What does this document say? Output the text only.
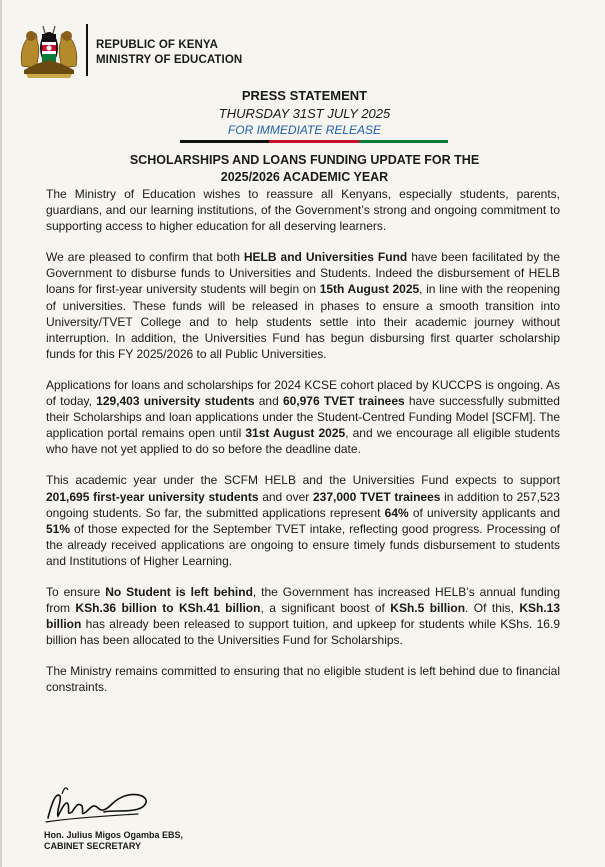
REPUBLIC OF KENYA
MINISTRY OF EDUCATION
PRESS STATEMENT
THURSDAY 31ST JULY 2025
FOR IMMEDIATE RELEASE
SCHOLARSHIPS AND LOANS FUNDING UPDATE FOR THE
2025/2026 ACADEMIC YEAR

The Ministry of Education wishes to reassure all Kenyans, especially students, parents, guardians, and our learning institutions, of the Government’s strong and ongoing commitment to supporting access to higher education for all deserving learners.

We are pleased to confirm that both HELB and Universities Fund have been facilitated by the Government to disburse funds to Universities and Students. Indeed the disbursement of HELB loans for first-year university students will begin on 15th August 2025, in line with the reopening of universities. These funds will be released in phases to ensure a smooth transition into University/TVET College and to help students settle into their academic journey without interruption. In addition, the Universities Fund has begun disbursing first quarter scholarship funds for this FY 2025/2026 to all Public Universities.

Applications for loans and scholarships for 2024 KCSE cohort placed by KUCCPS is ongoing. As of today, 129,403 university students and 60,976 TVET trainees have successfully submitted their Scholarships and loan applications under the Student-Centred Funding Model [SCFM]. The application portal remains open until 31st August 2025, and we encourage all eligible students who have not yet applied to do so before the deadline date.

This academic year under the SCFM HELB and the Universities Fund expects to support 201,695 first-year university students and over 237,000 TVET trainees in addition to 257,523 ongoing students. So far, the submitted applications represent 64% of university applicants and 51% of those expected for the September TVET intake, reflecting good progress. Processing of the already received applications are ongoing to ensure timely funds disbursement to students and Institutions of Higher Learning.

To ensure No Student is left behind, the Government has increased HELB’s annual funding from KSh.36 billion to KSh.41 billion, a significant boost of KSh.5 billion. Of this, KSh.13 billion has already been released to support tuition, and upkeep for students while KShs. 16.9 billion has been allocated to the Universities Fund for Scholarships.

The Ministry remains committed to ensuring that no eligible student is left behind due to financial constraints.

Hon. Julius Migos Ogamba EBS,
CABINET SECRETARY
